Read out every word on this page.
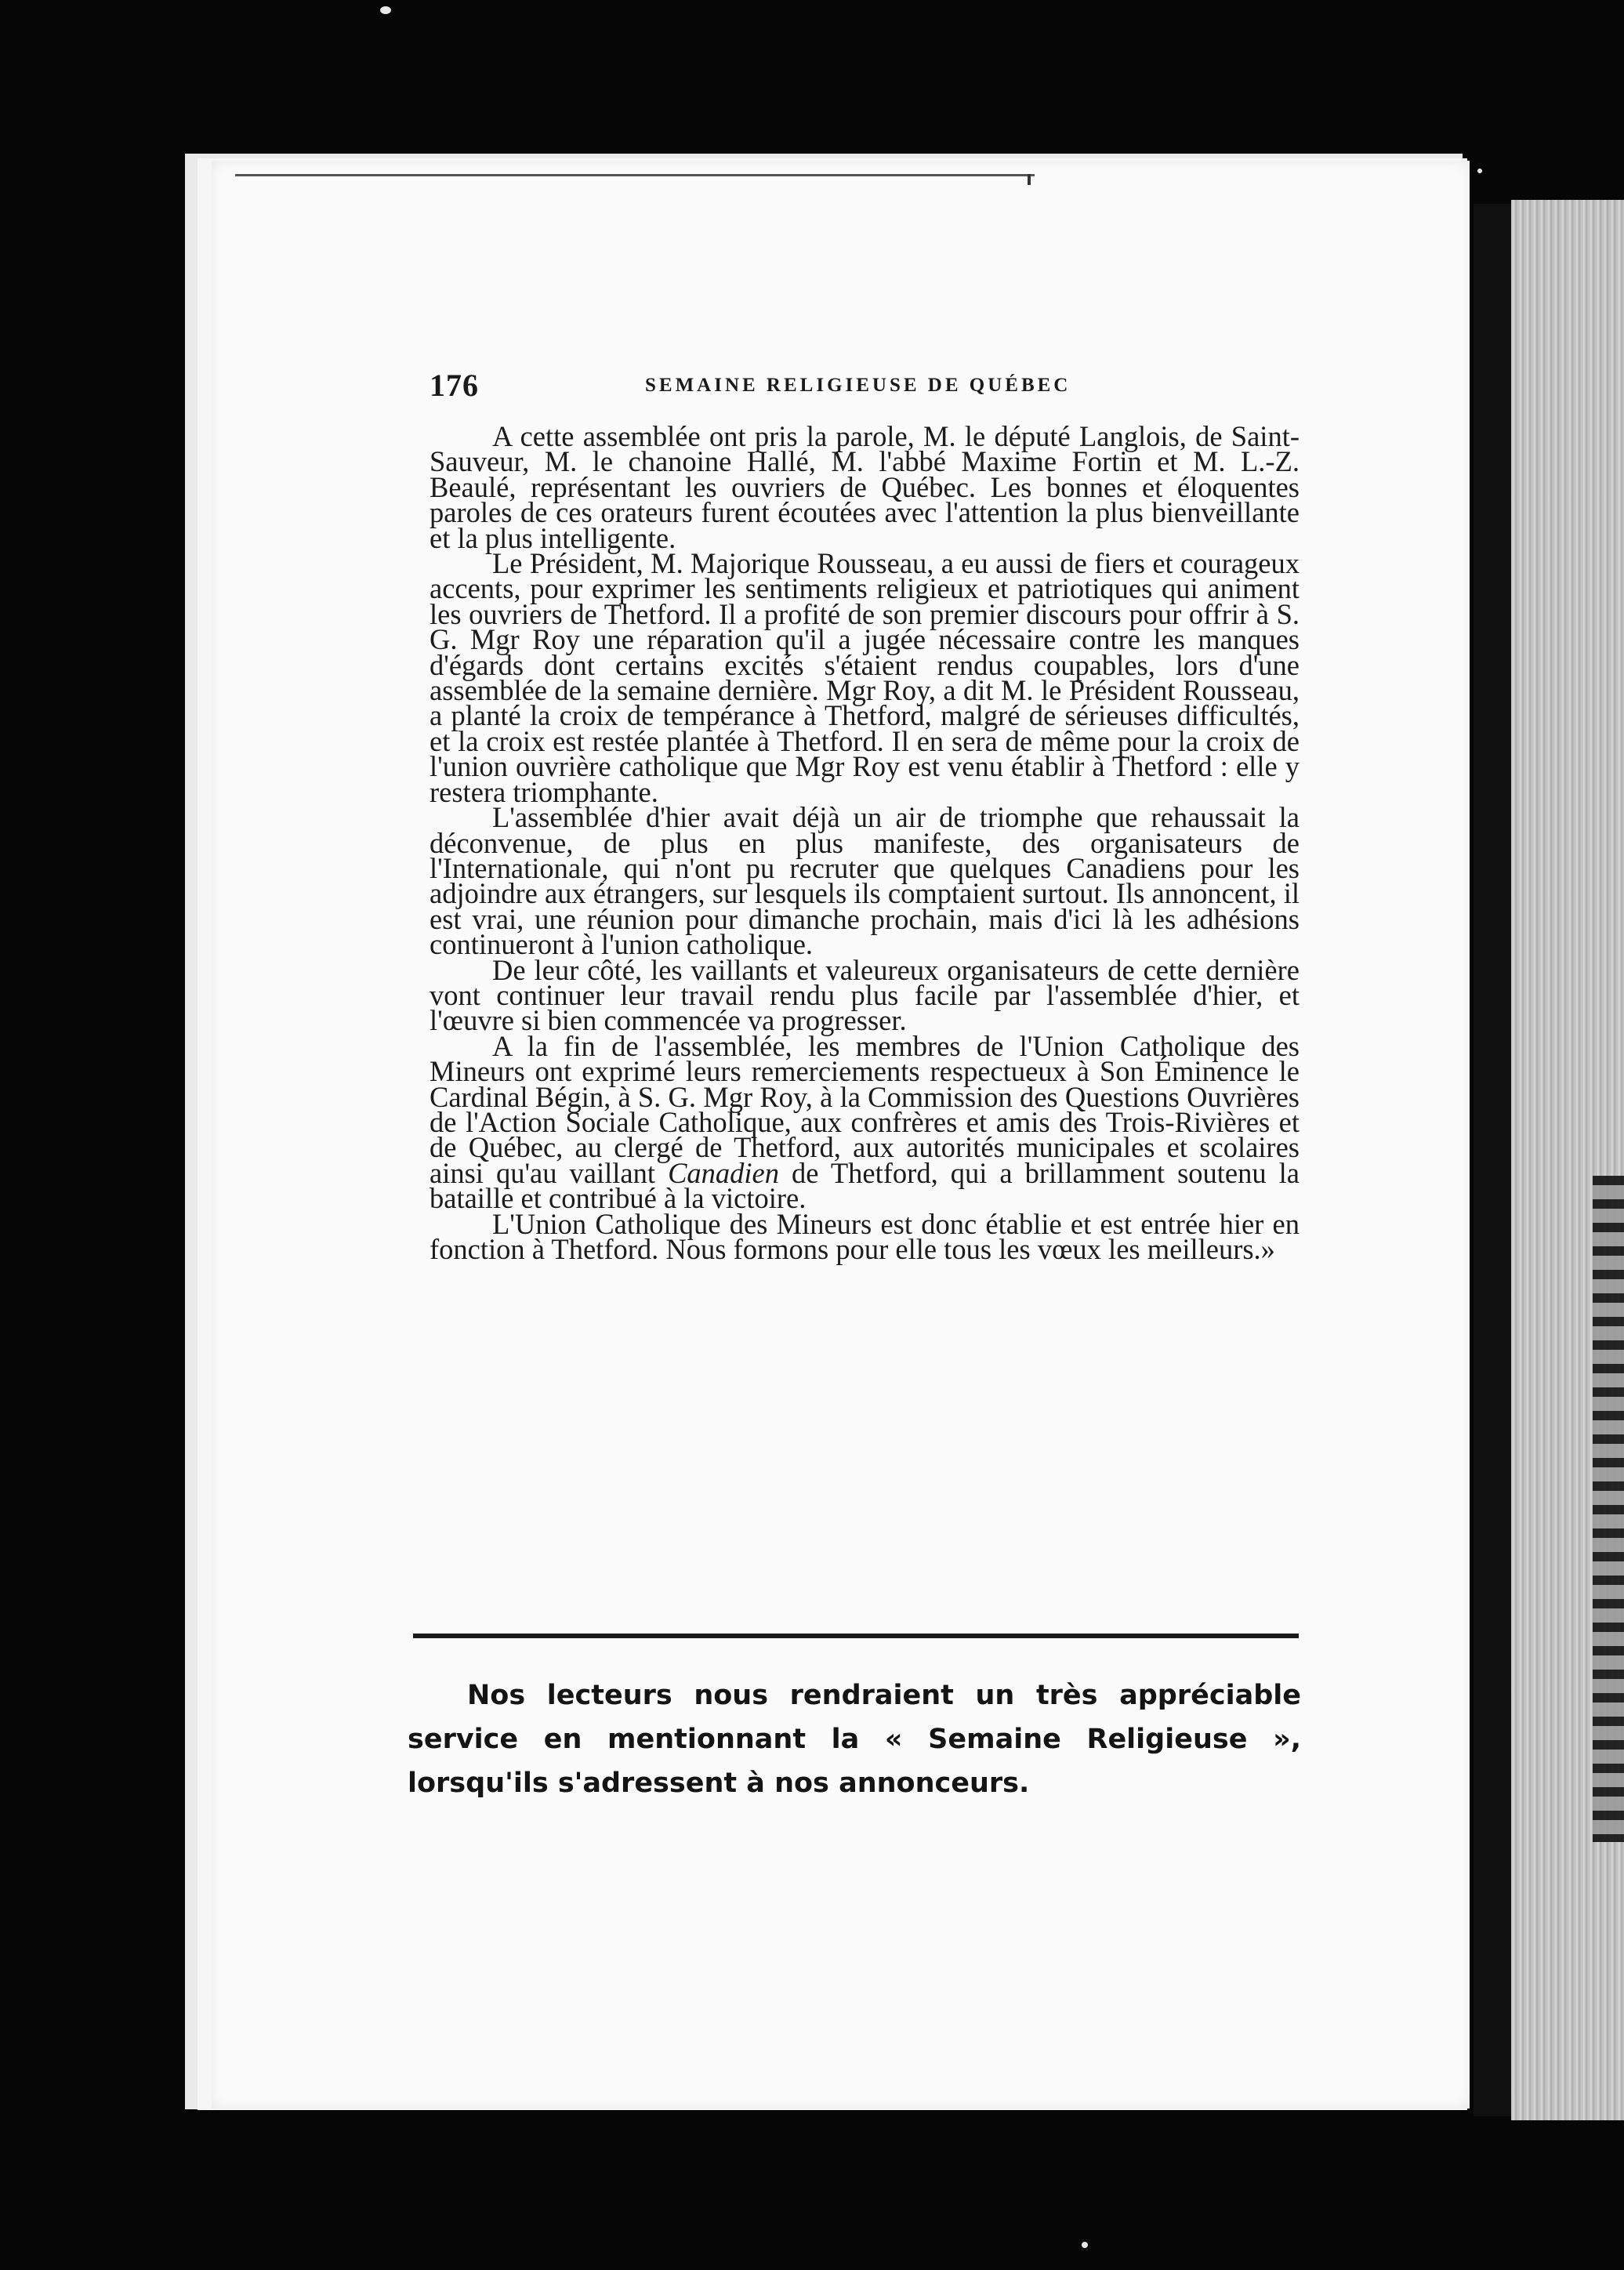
176	SEMAINE RELIGIEUSE DE QUÉBEC

A cette assemblée ont pris la parole, M. le député Langlois, de Saint-Sauveur, M. le chanoine Hallé, M. l'abbé Maxime Fortin et M. L.-Z. Beaulé, représentant les ouvriers de Québec. Les bonnes et éloquentes paroles de ces orateurs furent écoutées avec l'attention la plus bienveillante et la plus intelligente.

Le Président, M. Majorique Rousseau, a eu aussi de fiers et courageux accents, pour exprimer les sentiments religieux et patriotiques qui animent les ouvriers de Thetford. Il a profité de son premier discours pour offrir à S. G. Mgr Roy une réparation qu'il a jugée nécessaire contre les manques d'égards dont certains excités s'étaient rendus coupables, lors d'une assemblée de la semaine dernière. Mgr Roy, a dit M. le Président Rousseau, a planté la croix de tempérance à Thetford, malgré de sérieuses difficultés, et la croix est restée plantée à Thetford. Il en sera de même pour la croix de l'union ouvrière catholique que Mgr Roy est venu établir à Thetford : elle y restera triomphante.

L'assemblée d'hier avait déjà un air de triomphe que rehaussait la déconvenue, de plus en plus manifeste, des organisateurs de l'Internationale, qui n'ont pu recruter que quelques Canadiens pour les adjoindre aux étrangers, sur lesquels ils comptaient surtout. Ils annoncent, il est vrai, une réunion pour dimanche prochain, mais d'ici là les adhésions continueront à l'union catholique.

De leur côté, les vaillants et valeureux organisateurs de cette dernière vont continuer leur travail rendu plus facile par l'assemblée d'hier, et l'œuvre si bien commencée va progresser.

A la fin de l'assemblée, les membres de l'Union Catholique des Mineurs ont exprimé leurs remerciements respectueux à Son Éminence le Cardinal Bégin, à S. G. Mgr Roy, à la Commission des Questions Ouvrières de l'Action Sociale Catholique, aux confrères et amis des Trois-Rivières et de Québec, au clergé de Thetford, aux autorités municipales et scolaires ainsi qu'au vaillant Canadien de Thetford, qui a brillamment soutenu la bataille et contribué à la victoire.

L'Union Catholique des Mineurs est donc établie et est entrée hier en fonction à Thetford. Nous formons pour elle tous les vœux les meilleurs.»

Nos lecteurs nous rendraient un très appréciable service en mentionnant la « Semaine Religieuse », lorsqu'ils s'adressent à nos annonceurs.
